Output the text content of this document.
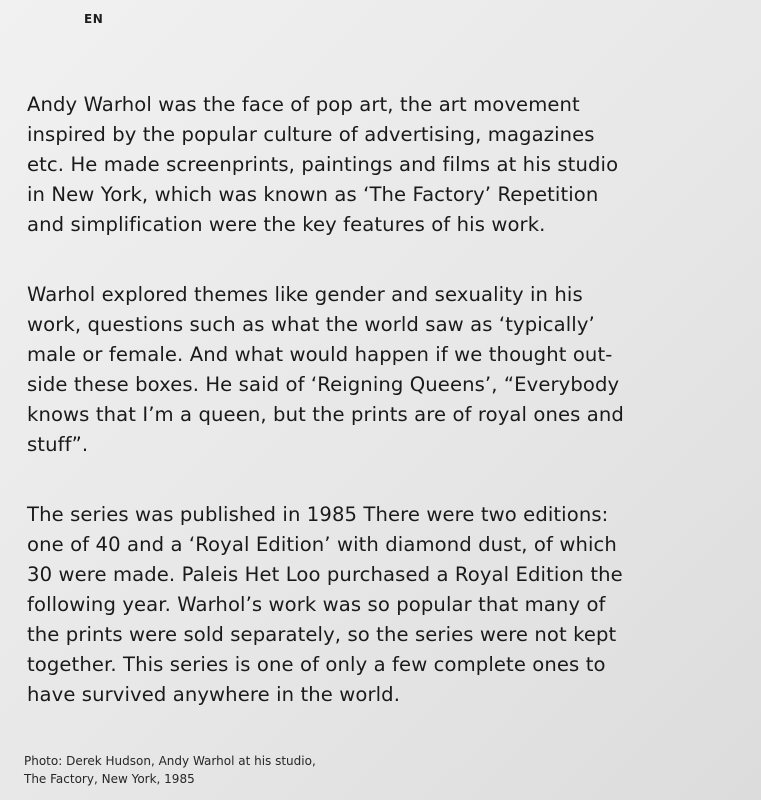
EN

Andy Warhol was the face of pop art, the art movement
inspired by the popular culture of advertising, magazines
etc. He made screenprints, paintings and films at his studio
in New York, which was known as ‘The Factory’ Repetition
and simplification were the key features of his work.

Warhol explored themes like gender and sexuality in his
work, questions such as what the world saw as ‘typically’
male or female. And what would happen if we thought out-
side these boxes. He said of ‘Reigning Queens’, “Everybody
knows that I’m a queen, but the prints are of royal ones and
stuff”.

The series was published in 1985 There were two editions:
one of 40 and a ‘Royal Edition’ with diamond dust, of which
30 were made. Paleis Het Loo purchased a Royal Edition the
following year. Warhol’s work was so popular that many of
the prints were sold separately, so the series were not kept
together. This series is one of only a few complete ones to
have survived anywhere in the world.

Photo: Derek Hudson, Andy Warhol at his studio,
The Factory, New York, 1985
